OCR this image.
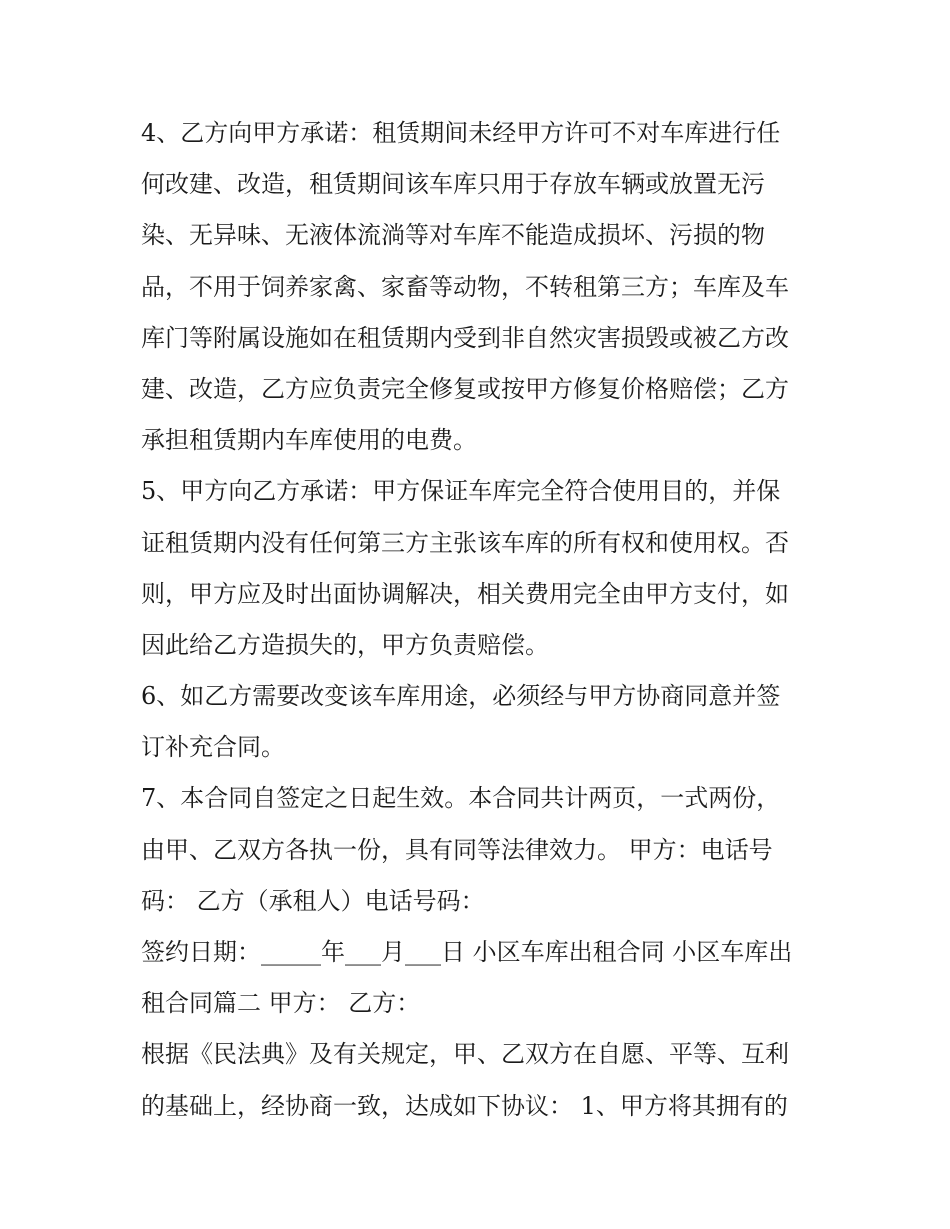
4、乙方向甲方承诺：租赁期间未经甲方许可不对车库进行任
何改建、改造，租赁期间该车库只用于存放车辆或放置无污
染、无异味、无液体流淌等对车库不能造成损坏、污损的物
品，不用于饲养家禽、家畜等动物，不转租第三方；车库及车
库门等附属设施如在租赁期内受到非自然灾害损毁或被乙方改
建、改造，乙方应负责完全修复或按甲方修复价格赔偿；乙方
承担租赁期内车库使用的电费。
5、甲方向乙方承诺：甲方保证车库完全符合使用目的，并保
证租赁期内没有任何第三方主张该车库的所有权和使用权。否
则，甲方应及时出面协调解决，相关费用完全由甲方支付，如
因此给乙方造损失的，甲方负责赔偿。
6、如乙方需要改变该车库用途，必须经与甲方协商同意并签
订补充合同。
7、本合同自签定之日起生效。本合同共计两页，一式两份，
由甲、乙双方各执一份，具有同等法律效力。 甲方：电话号
码： 乙方（承租人）电话号码：
签约日期：_____年___月___日 小区车库出租合同 小区车库出
租合同篇二 甲方： 乙方：
根据《民法典》及有关规定，甲、乙双方在自愿、平等、互利
的基础上，经协商一致，达成如下协议： 1、甲方将其拥有的
